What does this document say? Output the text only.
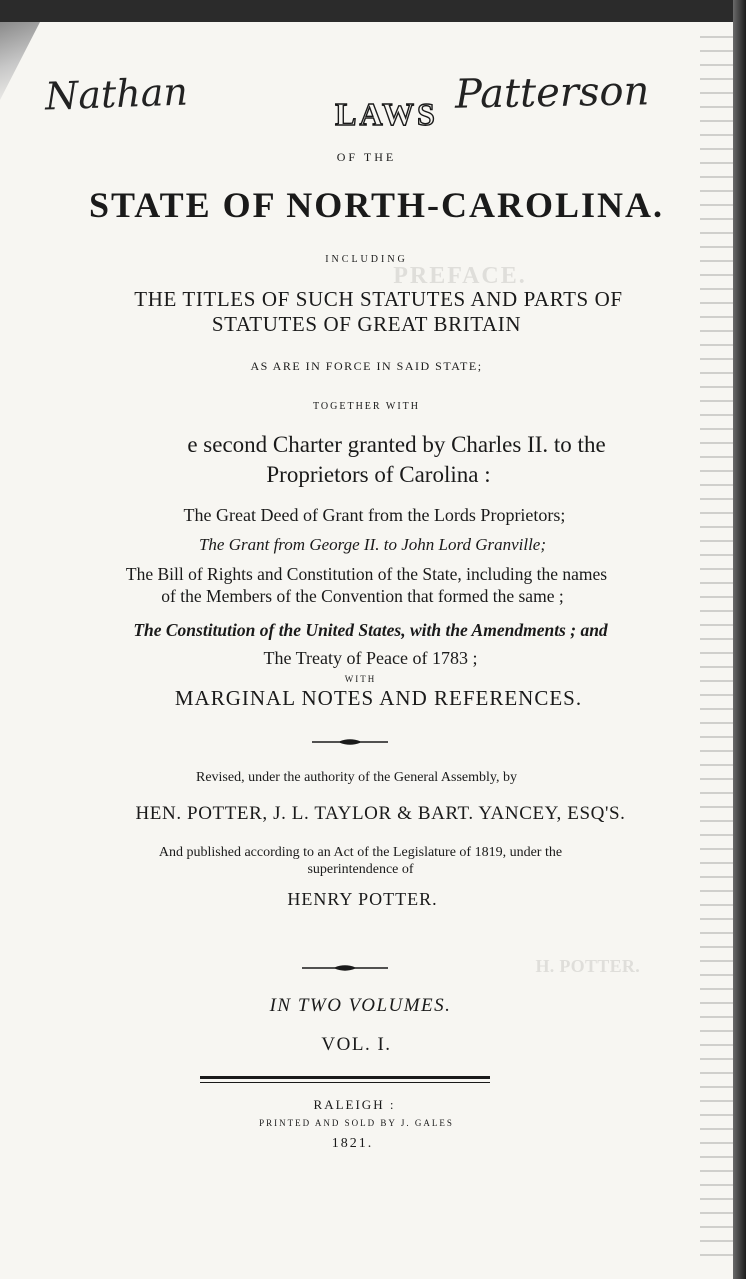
PREFACE.
H. POTTER.
Nathan	Patterson
LAWS
OF THE
STATE OF NORTH-CAROLINA.
INCLUDING
THE TITLES OF SUCH STATUTES AND PARTS OF
STATUTES OF GREAT BRITAIN
AS ARE IN FORCE IN SAID STATE;
TOGETHER WITH
e second Charter granted by Charles II. to the
Proprietors of Carolina :
The Great Deed of Grant from the Lords Proprietors;
The Grant from George II. to John Lord Granville;
The Bill of Rights and Constitution of the State, including the names
of the Members of the Convention that formed the same ;
The Constitution of the United States, with the Amendments ; and
The Treaty of Peace of 1783 ;
WITH
MARGINAL NOTES AND REFERENCES.
Revised, under the authority of the General Assembly, by
HEN. POTTER, J. L. TAYLOR & BART. YANCEY, ESQ'S.
And published according to an Act of the Legislature of 1819, under the
superintendence of
HENRY POTTER.
IN TWO VOLUMES.
VOL. I.
RALEIGH :
PRINTED AND SOLD BY J. GALES
1821.
